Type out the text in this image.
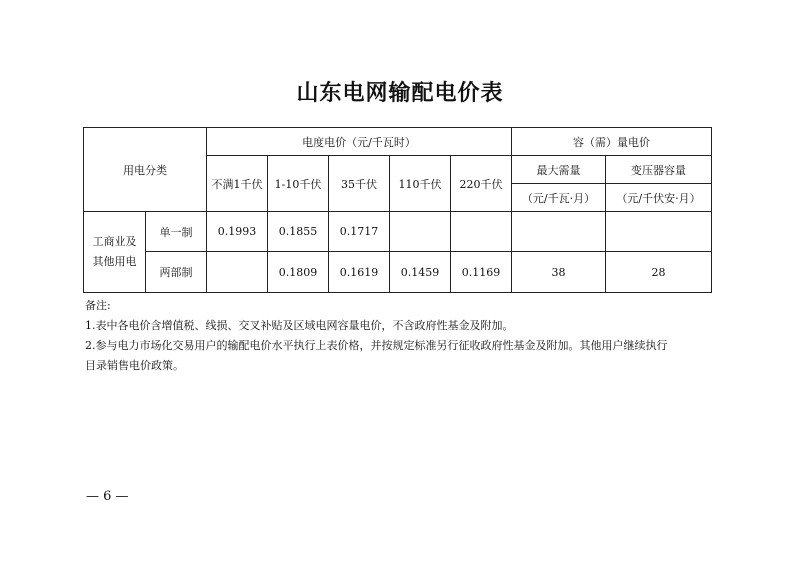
山东电网输配电价表
用电分类		电度电价（元/千瓦时）					容（需）量电价	
		不满1千伏	1-10千伏	35千伏	110千伏	220千伏	最大需量	变压器容量
							（元/千瓦·月）	（元/千伏安·月）

工商业及
其他用电	单一制	0.1993	0.1855	0.1717				
	两部制		0.1809	0.1619	0.1459	0.1169	38	28
备注:
1.表中各电价含增值税、线损、交叉补贴及区域电网容量电价，不含政府性基金及附加。
2.参与电力市场化交易用户的输配电价水平执行上表价格，并按规定标准另行征收政府性基金及附加。其他用户继续执行
目录销售电价政策。
— 6 —
